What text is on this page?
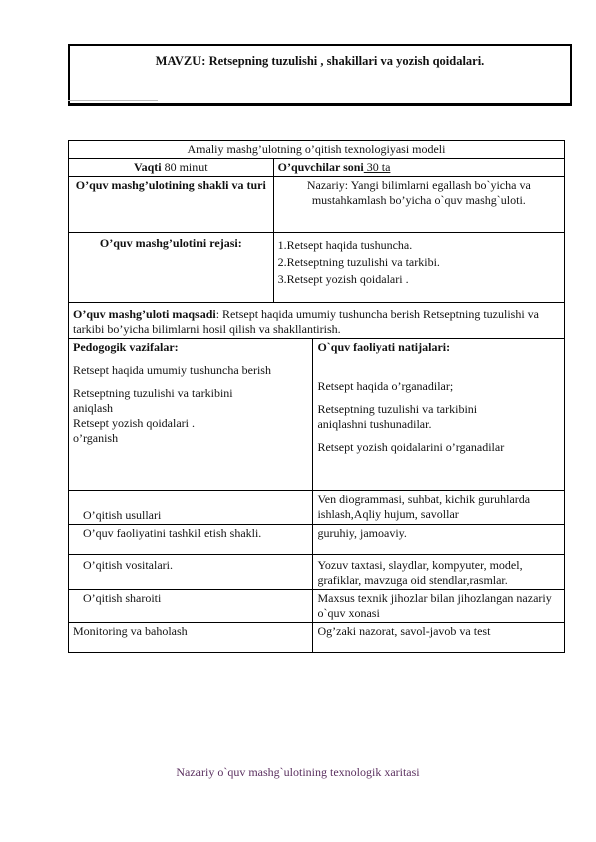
MAVZU: Retsepning tuzulishi , shakillari va yozish qoidalari.
Amaliy mashg’ulotning o’qitish texnologiyasi modeli		
Vaqti 80 minut	O’quvchilar soni 30 ta	
O’quv mashg’ulotining shakli va turi	Nazariy: Yangi bilimlarni egallash bo`yicha va mustahkamlash bo’yicha o`quv mashg`uloti.	
O’quv mashg’ulotini rejasi:	1.Retsept haqida tushuncha.
2.Retseptning tuzulishi va tarkibi.
3.Retsept yozish qoidalari .	

O’quv mashg’uloti maqsadi: Retsept haqida umumiy tushuncha berish Retseptning tuzulishi va tarkibi bo’yicha bilimlarni hosil qilish va shakllantirish.		
Pedogogik vazifalar:
Retsept haqida umumiy tushuncha berish
Retseptning tuzulishi va tarkibini aniqlash
Retsept yozish qoidalari .
o’rganish		O`quv faoliyati natijalari:
Retsept haqida o’rganadilar;
Retseptning tuzulishi va tarkibini aniqlashni tushunadilar.
Retsept yozish qoidalarini o’rganadilar

O’qitish usullari		Ven diogrammasi, suhbat, kichik guruhlarda ishlash,Aqliy hujum, savollar
O’quv faoliyatini tashkil etish shakli.		guruhiy, jamoaviy.
O’qitish vositalari.		Yozuv taxtasi, slaydlar, kompyuter, model, grafiklar, mavzuga oid stendlar,rasmlar.
O’qitish sharoiti		Maxsus texnik jihozlar bilan jihozlangan nazariy o`quv xonasi
Monitoring va baholash		Og’zaki nazorat, savol-javob va test
Nazariy o`quv mashg`ulotining texnologik xaritasi
